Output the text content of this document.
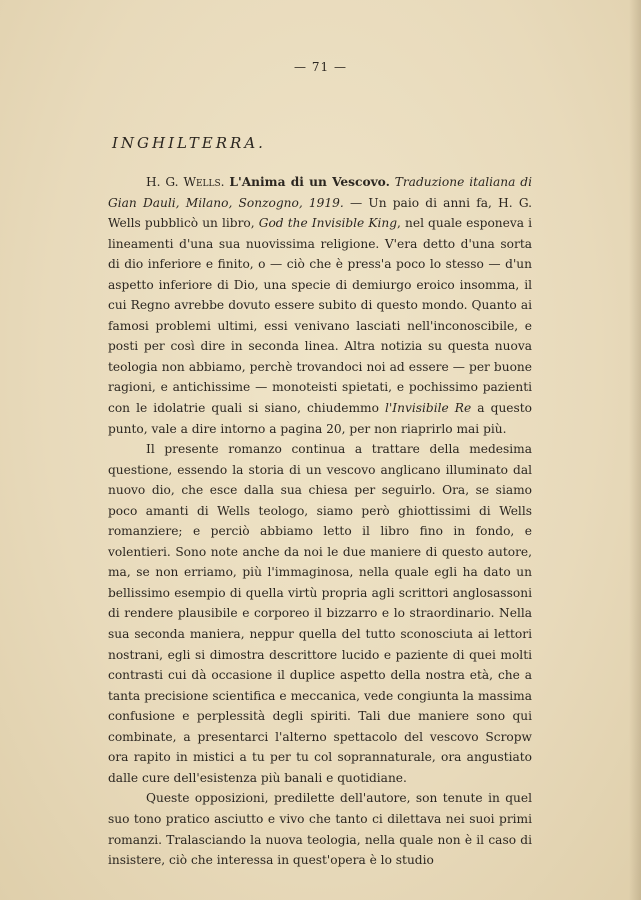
— 71 —
INGHILTERRA.

H. G. Wells. L'Anima di un Vescovo. Traduzione italiana di Gian Dauli, Milano, Sonzogno, 1919. — Un paio di anni fa, H. G. Wells pubblicò un libro, God the Invisible King, nel quale esponeva i lineamenti d'una sua nuovissima religione. V'era detto d'una sorta di dio inferiore e finito, o — ciò che è press'a poco lo stesso — d'un aspetto inferiore di Dio, una specie di demiurgo eroico insomma, il cui Regno avrebbe dovuto essere subito di questo mondo. Quanto ai famosi problemi ultimi, essi venivano lasciati nell'inconoscibile, e posti per così dire in seconda linea. Altra notizia su questa nuova teologia non abbiamo, perchè trovandoci noi ad essere — per buone ragioni, e antichissime — monoteisti spietati, e pochissimo pazienti con le idolatrie quali si siano, chiudemmo l'Invisibile Re a questo punto, vale a dire intorno a pagina 20, per non riaprirlo mai più.

Il presente romanzo continua a trattare della medesima questione, essendo la storia di un vescovo anglicano illuminato dal nuovo dio, che esce dalla sua chiesa per seguirlo. Ora, se siamo poco amanti di Wells teologo, siamo però ghiottissimi di Wells romanziere; e perciò abbiamo letto il libro fino in fondo, e volentieri. Sono note anche da noi le due maniere di questo autore, ma, se non erriamo, più l'immaginosa, nella quale egli ha dato un bellissimo esempio di quella virtù propria agli scrittori anglosassoni di rendere plausibile e corporeo il bizzarro e lo straordinario. Nella sua seconda maniera, neppur quella del tutto sconosciuta ai lettori nostrani, egli si dimostra descrittore lucido e paziente di quei molti contrasti cui dà occasione il duplice aspetto della nostra età, che a tanta precisione scientifica e meccanica, vede congiunta la massima confusione e perplessità degli spiriti. Tali due maniere sono qui combinate, a presentarci l'alterno spettacolo del vescovo Scropw ora rapito in mistici a tu per tu col soprannaturale, ora angustiato dalle cure dell'esistenza più banali e quotidiane.

Queste opposizioni, predilette dell'autore, son tenute in quel suo tono pratico asciutto e vivo che tanto ci dilettava nei suoi primi romanzi. Tralasciando la nuova teologia, nella quale non è il caso di insistere, ciò che interessa in quest'opera è lo studio
